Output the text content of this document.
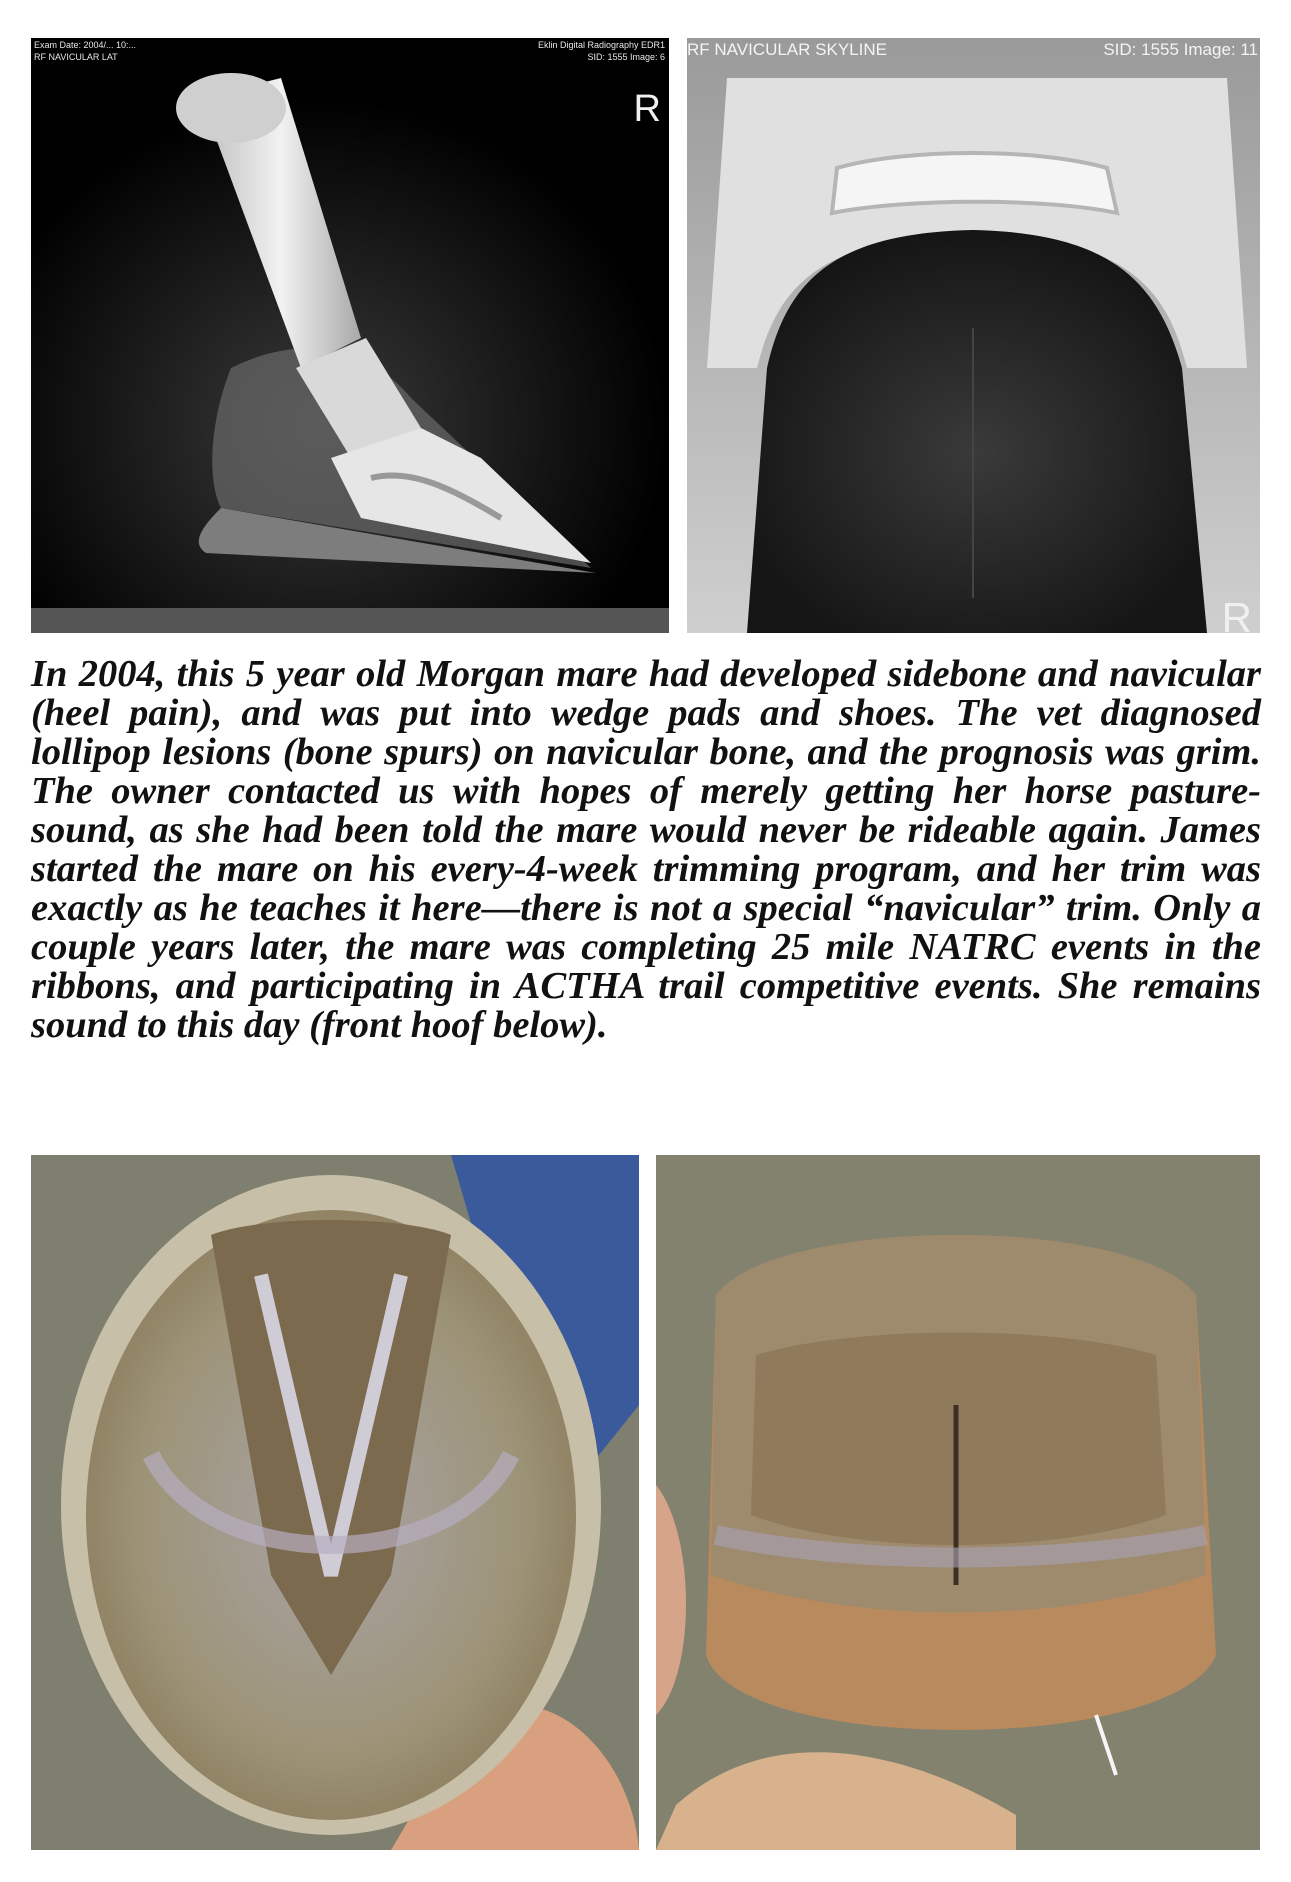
Exam Date: 2004/... 10:...
RF NAVICULAR LAT
Eklin Digital Radiography EDR1
SID: 1555 Image: 6
R
RF NAVICULAR SKYLINE	SID: 1555 Image: 11
R

In 2004, this 5 year old Morgan mare had developed sidebone and navicular (heel pain), and was put into wedge pads and shoes. The vet diagnosed lollipop lesions (bone spurs) on navicular bone, and the prognosis was grim. The owner contacted us with hopes of merely getting her horse pasture-sound, as she had been told the mare would never be rideable again. James started the mare on his every-4-week trimming program, and her trim was exactly as he teaches it here—there is not a special “navicular” trim. Only a couple years later, the mare was completing 25 mile NATRC events in the ribbons, and participating in ACTHA trail competitive events. She remains sound to this day (front hoof below).
